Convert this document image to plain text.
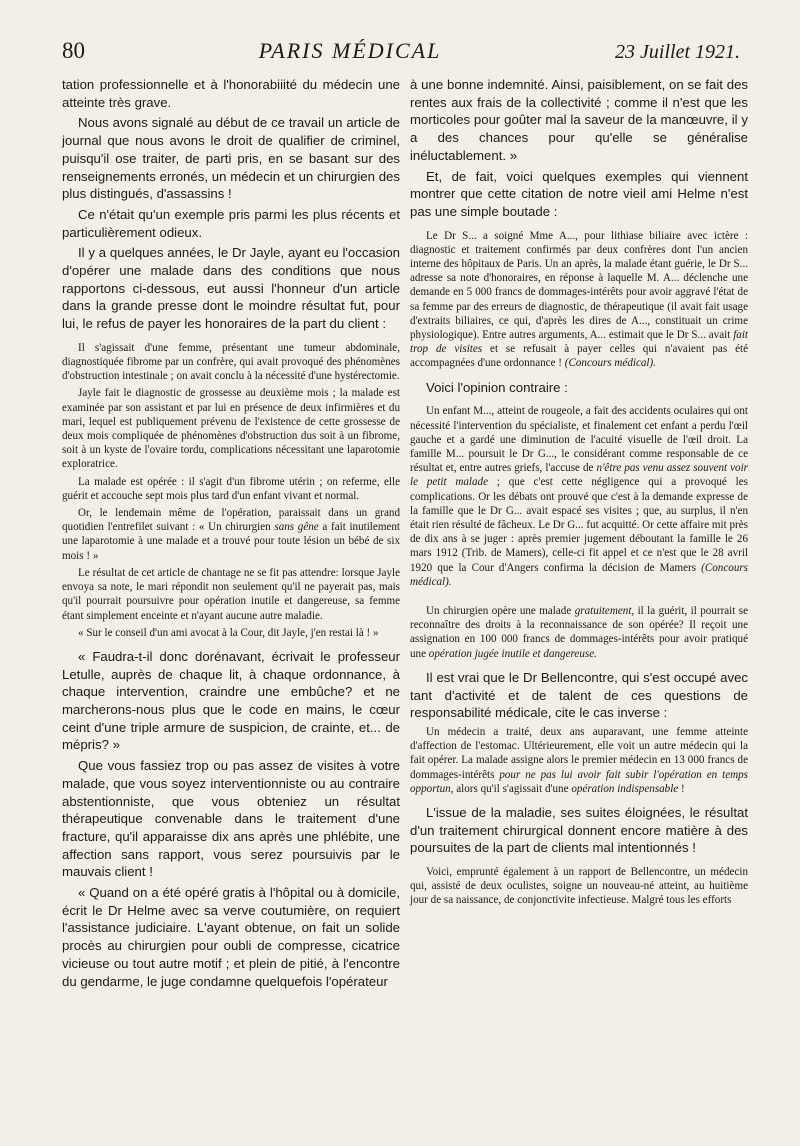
80	PARIS MÉDICAL	23 Juillet 1921.

tation professionnelle et à l'honorabiiité du médecin une atteinte très grave.

Nous avons signalé au début de ce travail un article de journal que nous avons le droit de qualifier de criminel, puisqu'il ose traiter, de parti pris, en se basant sur des renseignements erronés, un médecin et un chirurgien des plus distingués, d'assassins !

Ce n'était qu'un exemple pris parmi les plus récents et particulièrement odieux.

Il y a quelques années, le Dr Jayle, ayant eu l'occasion d'opérer une malade dans des conditions que nous rapportons ci-dessous, eut aussi l'honneur d'un article dans la grande presse dont le moindre résultat fut, pour lui, le refus de payer les honoraires de la part du client :

Il s'agissait d'une femme, présentant une tumeur abdominale, diagnostiquée fibrome par un confrère, qui avait provoqué des phénomènes d'obstruction intestinale ; on avait conclu à la nécessité d'une hystérectomie.

Jayle fait le diagnostic de grossesse au deuxième mois ; la malade est examinée par son assistant et par lui en présence de deux infirmières et du mari, lequel est publiquement prévenu de l'existence de cette grossesse de deux mois compliquée de phénomènes d'obstruction dus soit à un fibrome, soit à un kyste de l'ovaire tordu, complications nécessitant une laparotomie exploratrice.

La malade est opérée : il s'agit d'un fibrome utérin ; on referme, elle guérit et accouche sept mois plus tard d'un enfant vivant et normal.

Or, le lendemain même de l'opération, paraissait dans un grand quotidien l'entrefilet suivant : « Un chirurgien sans gêne a fait inutilement une laparotomie à une malade et a trouvé pour toute lésion un bébé de six mois ! »

Le résultat de cet article de chantage ne se fit pas attendre: lorsque Jayle envoya sa note, le mari répondit non seulement qu'il ne payerait pas, mais qu'il pourrait poursuivre pour opération inutile et dangereuse, sa femme étant simplement enceinte et n'ayant aucune autre maladie.

« Sur le conseil d'un ami avocat à la Cour, dit Jayle, j'en restai là ! »

« Faudra-t-il donc dorénavant, écrivait le professeur Letulle, auprès de chaque lit, à chaque ordonnance, à chaque intervention, craindre une embûche? et ne marcherons-nous plus que le code en mains, le cœur ceint d'une triple armure de suspicion, de crainte, et... de mépris? »

Que vous fassiez trop ou pas assez de visites à votre malade, que vous soyez interventionniste ou au contraire abstentionniste, que vous obteniez un résultat thérapeutique convenable dans le traitement d'une fracture, qu'il apparaisse dix ans après une phlébite, une affection sans rapport, vous serez poursuivis par le mauvais client !

« Quand on a été opéré gratis à l'hôpital ou à domicile, écrit le Dr Helme avec sa verve coutumière, on requiert l'assistance judiciaire. L'ayant obtenue, on fait un solide procès au chirurgien pour oubli de compresse, cicatrice vicieuse ou tout autre motif ; et plein de pitié, à l'encontre du gendarme, le juge condamne quelquefois l'opérateur

à une bonne indemnité. Ainsi, paisiblement, on se fait des rentes aux frais de la collectivité ; comme il n'est que les morticoles pour goûter mal la saveur de la manœuvre, il y a des chances pour qu'elle se généralise inéluctablement. »

Et, de fait, voici quelques exemples qui viennent montrer que cette citation de notre vieil ami Helme n'est pas une simple boutade :

Le Dr S... a soigné Mme A..., pour lithiase biliaire avec ictère : diagnostic et traitement confirmés par deux confrères dont l'un ancien interne des hôpitaux de Paris. Un an après, la malade étant guérie, le Dr S... adresse sa note d'honoraires, en réponse à laquelle M. A... déclenche une demande en 5 000 francs de dommages-intérêts pour avoir aggravé l'état de sa femme par des erreurs de diagnostic, de thérapeutique (il avait fait usage d'extraits biliaires, ce qui, d'après les dires de A..., constituait un crime physiologique). Entre autres arguments, A... estimait que le Dr S... avait fait trop de visites et se refusait à payer celles qui n'avaient pas été accompagnées d'une ordonnance ! (Concours médical).

Voici l'opinion contraire :

Un enfant M..., atteint de rougeole, a fait des accidents oculaires qui ont nécessité l'intervention du spécialiste, et finalement cet enfant a perdu l'œil gauche et a gardé une diminution de l'acuité visuelle de l'œil droit. La famille M... poursuit le Dr G..., le considérant comme responsable de ce résultat et, entre autres griefs, l'accuse de n'être pas venu assez souvent voir le petit malade ; que c'est cette négligence qui a provoqué les complications. Or les débats ont prouvé que c'est à la demande expresse de la famille que le Dr G... avait espacé ses visites ; que, au surplus, il n'en était rien résulté de fâcheux. Le Dr G... fut acquitté. Or cette affaire mit près de dix ans à se juger : après premier jugement déboutant la famille le 26 mars 1912 (Trib. de Mamers), celle-ci fit appel et ce n'est que le 28 avril 1920 que la Cour d'Angers confirma la décision de Mamers (Concours médical).

Un chirurgien opère une malade gratuitement, il la guérit, il pourrait se reconnaître des droits à la reconnaissance de son opérée? Il reçoit une assignation en 100 000 francs de dommages-intérêts pour avoir pratiqué une opération jugée inutile et dangereuse.

Il est vrai que le Dr Bellencontre, qui s'est occupé avec tant d'activité et de talent de ces questions de responsabilité médicale, cite le cas inverse :

Un médecin a traité, deux ans auparavant, une femme atteinte d'affection de l'estomac. Ultérieurement, elle voit un autre médecin qui la fait opérer. La malade assigne alors le premier médecin en 13 000 francs de dommages-intérêts pour ne pas lui avoir fait subir l'opération en temps opportun, alors qu'il s'agissait d'une opération indispensable !

L'issue de la maladie, ses suites éloignées, le résultat d'un traitement chirurgical donnent encore matière à des poursuites de la part de clients mal intentionnés !

Voici, emprunté également à un rapport de Bellencontre, un médecin qui, assisté de deux oculistes, soigne un nouveau-né atteint, au huitième jour de sa naissance, de conjonctivite infectieuse. Malgré tous les efforts
